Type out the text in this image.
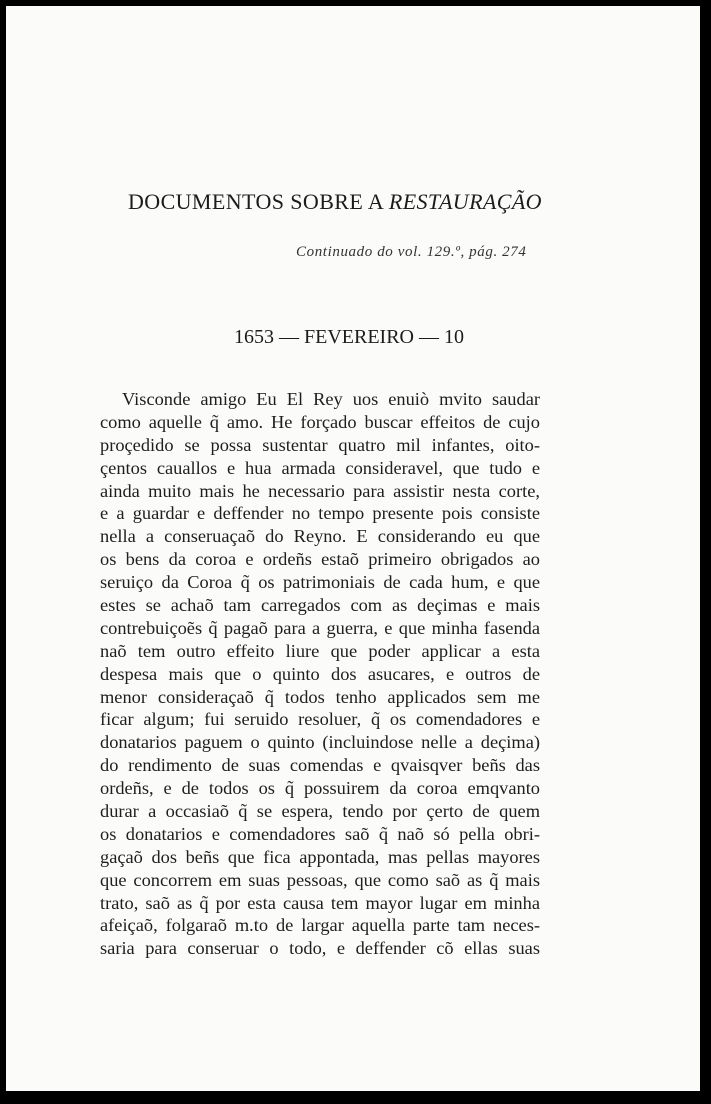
DOCUMENTOS SOBRE A RESTAURAÇÃO
Continuado do vol. 129.º, pág. 274
1653 — FEVEREIRO — 10
Visconde amigo Eu El Rey uos enuiò mvito saudar
como aquelle q̃ amo. He forçado buscar effeitos de cujo
proçedido se possa sustentar quatro mil infantes, oito-
çentos cauallos e hua armada consideravel, que tudo e
ainda muito mais he necessario para assistir nesta corte,
e a guardar e deffender no tempo presente pois consiste
nella a conseruaçaõ do Reyno. E considerando eu que
os bens da coroa e ordeñs estaõ primeiro obrigados ao
seruiço da Coroa q̃ os patrimoniais de cada hum, e que
estes se achaõ tam carregados com as deçimas e mais
contrebuiçoẽs q̃ pagaõ para a guerra, e que minha fasenda
naõ tem outro effeito liure que poder applicar a esta
despesa mais que o quinto dos asucares, e outros de
menor consideraçaõ q̃ todos tenho applicados sem me
ficar algum; fui seruido resoluer, q̃ os comendadores e
donatarios paguem o quinto (incluindose nelle a deçima)
do rendimento de suas comendas e qvaisqver beñs das
ordeñs, e de todos os q̃ possuirem da coroa emqvanto
durar a occasiaõ q̃ se espera, tendo por çerto de quem
os donatarios e comendadores saõ q̃ naõ só pella obri-
gaçaõ dos beñs que fica appontada, mas pellas mayores
que concorrem em suas pessoas, que como saõ as q̃ mais
trato, saõ as q̃ por esta causa tem mayor lugar em minha
afeiçaõ, folgaraõ m.to de largar aquella parte tam neces-
saria para conseruar o todo, e deffender cõ ellas suas
